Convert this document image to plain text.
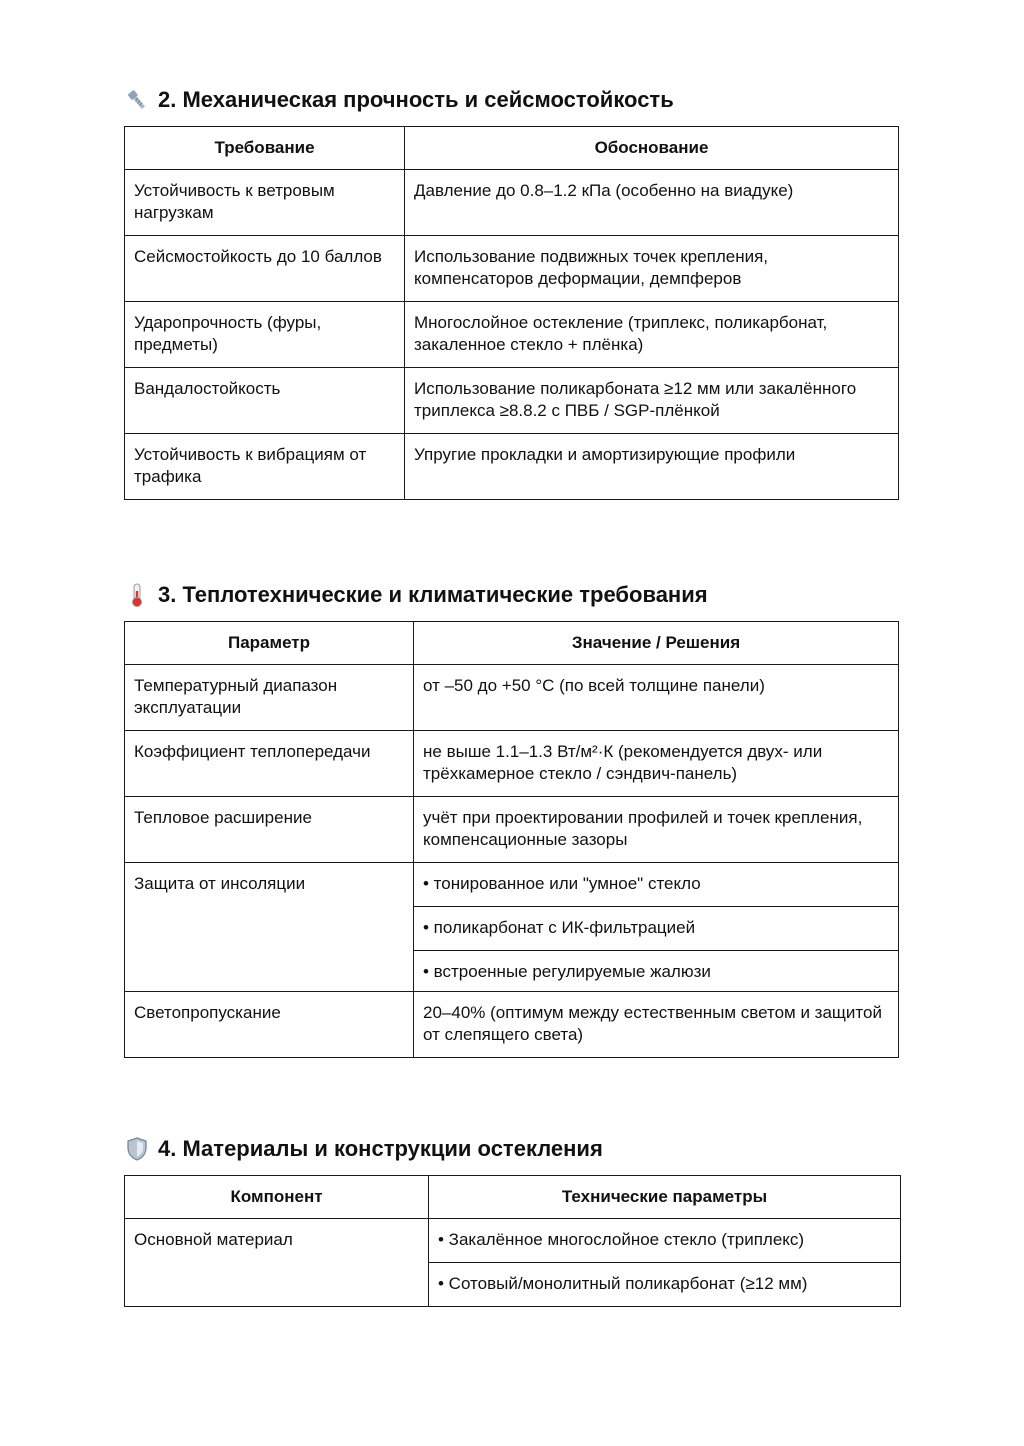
2. Механическая прочность и сейсмостойкость
Требование	Обоснование
Устойчивость к ветровым нагрузкам	Давление до 0.8–1.2 кПа (особенно на виадуке)
Сейсмостойкость до 10 баллов	Использование подвижных точек крепления, компенсаторов деформации, демпферов
Ударопрочность (фуры, предметы)	Многослойное остекление (триплекс, поликарбонат, закаленное стекло + плёнка)
Вандалостойкость	Использование поликарбоната ≥12 мм или закалённого триплекса ≥8.8.2 с ПВБ / SGP-плёнкой
Устойчивость к вибрациям от трафика	Упругие прокладки и амортизирующие профили
3. Теплотехнические и климатические требования
Параметр	Значение / Решения
Температурный диапазон эксплуатации	от –50 до +50 °C (по всей толщине панели)
Коэффициент теплопередачи	не выше 1.1–1.3 Вт/м²·К (рекомендуется двух- или трёхкамерное стекло / сэндвич-панель)
Тепловое расширение	учёт при проектировании профилей и точек крепления, компенсационные зазоры
Защита от инсоляции	• тонированное или "умное" стекло
	• поликарбонат с ИК-фильтрацией
	• встроенные регулируемые жалюзи
Светопропускание	20–40% (оптимум между естественным светом и защитой от слепящего света)
4. Материалы и конструкции остекления
Компонент	Технические параметры
Основной материал	• Закалённое многослойное стекло (триплекс)
	• Сотовый/монолитный поликарбонат (≥12 мм)
